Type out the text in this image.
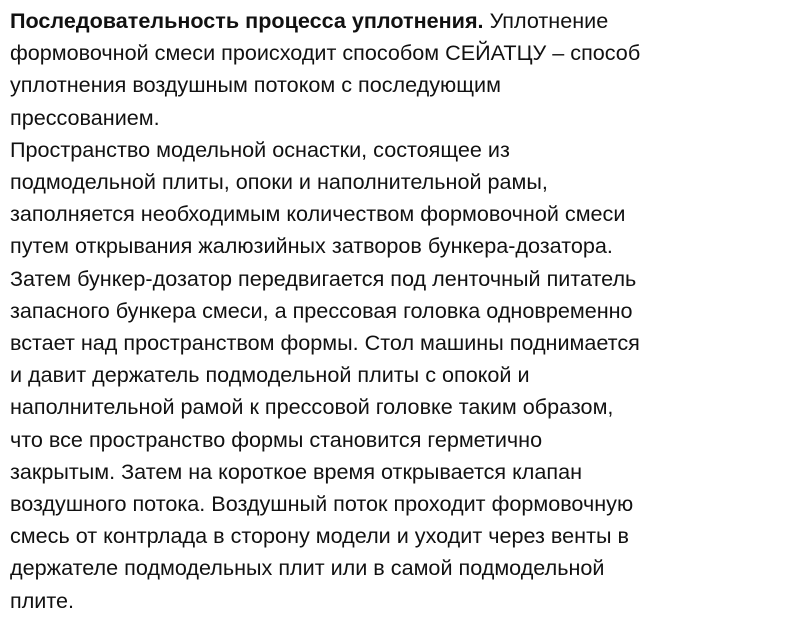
Последовательность процесса уплотнения. Уплотнение
формовочной смеси происходит способом СЕЙАТЦУ – способ
уплотнения воздушным потоком с последующим
прессованием.
Пространство модельной оснастки, состоящее из
подмодельной плиты, опоки и наполнительной рамы,
заполняется необходимым количеством формовочной смеси
путем открывания жалюзийных затворов бункера-дозатора.
Затем бункер-дозатор передвигается под ленточный питатель
запасного бункера смеси, а прессовая головка одновременно
встает над пространством формы. Стол машины поднимается
и давит держатель подмодельной плиты с опокой и
наполнительной рамой к прессовой головке таким образом,
что все пространство формы становится герметично
закрытым. Затем на короткое время открывается клапан
воздушного потока. Воздушный поток проходит формовочную
смесь от контрлада в сторону модели и уходит через венты в
держателе подмодельных плит или в самой подмодельной
плите.
